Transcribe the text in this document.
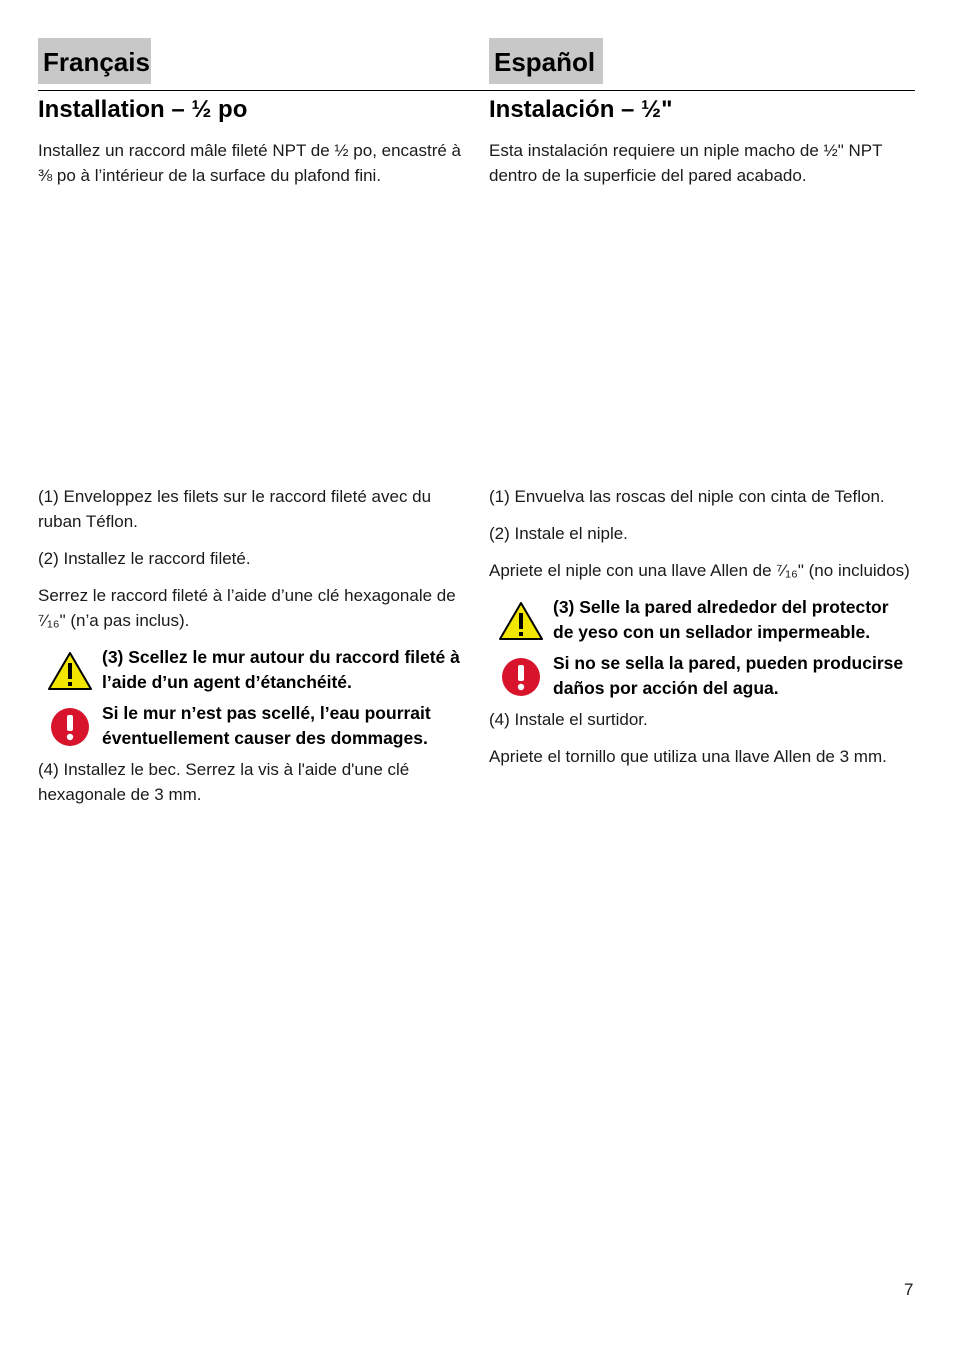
Français	Español
Installation – ½ po

Installez un raccord mâle fileté NPT de ½ po, encastré à ⅜ po à l’intérieur de la surface du plafond fini.

(1) Enveloppez les filets sur le raccord fileté avec du ruban Téflon.

(2) Installez le raccord fileté.

Serrez le raccord fileté à l’aide d’une clé hexagonale de ⁷⁄₁₆" (n’a pas inclus).

(3) Scellez le mur autour du raccord fileté à l’aide d’un agent d’étanchéité.

Si le mur n’est pas scellé, l’eau pourrait éventuellement causer des dommages.

(4) Installez le bec. Serrez la vis à l'aide d'une clé hexagonale de 3 mm.

Instalación – ½"

Esta instalación requiere un niple macho de ½" NPT dentro de la superficie del pared acabado.

(1) Envuelva las roscas del niple con cinta de Teflon.

(2) Instale el niple.

Apriete el niple con una llave Allen de ⁷⁄₁₆" (no incluidos)

(3) Selle la pared alrededor del protector de yeso con un sellador impermeable.

Si no se sella la pared, pueden producirse daños por acción del agua.

(4) Instale el surtidor.

Apriete el tornillo que utiliza una llave Allen de 3 mm.

7
